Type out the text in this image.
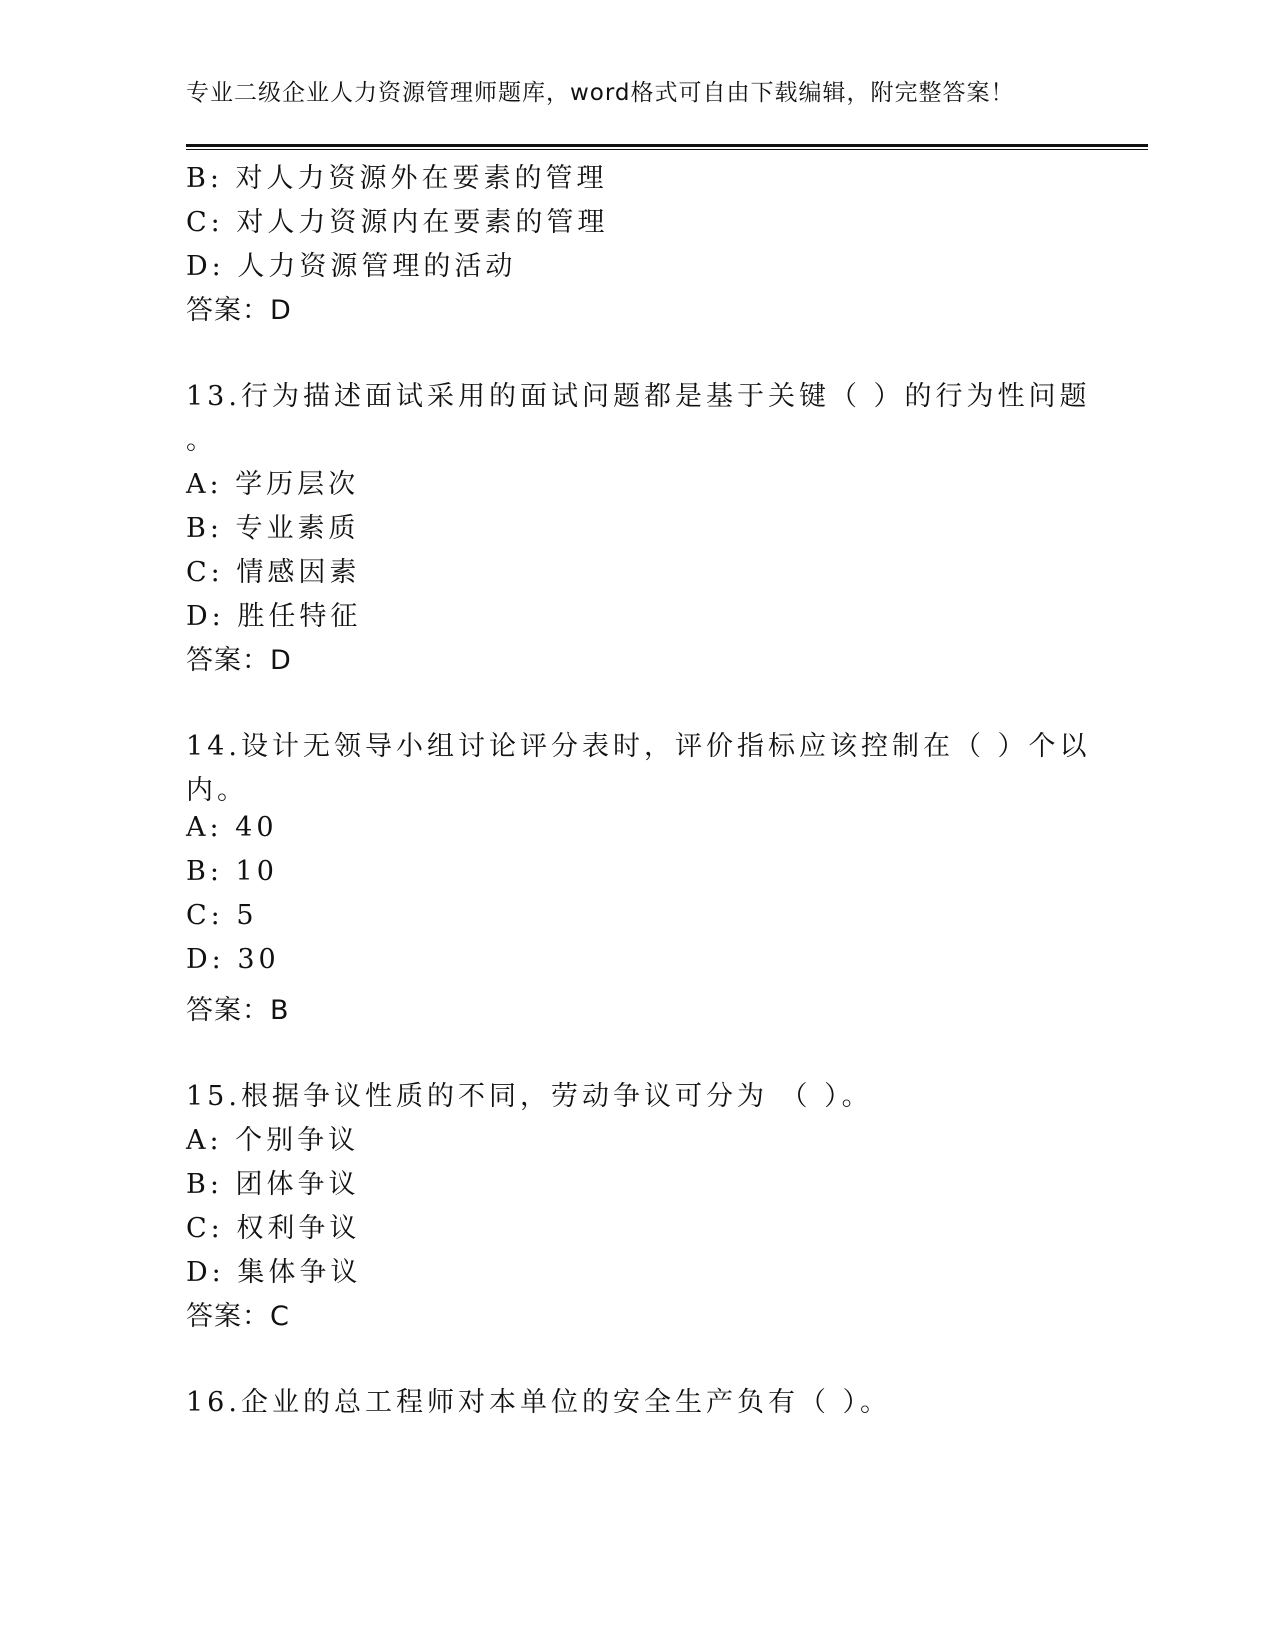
专业二级企业人力资源管理师题库，word格式可自由下载编辑，附完整答案！
B: 对人力资源外在要素的管理
C: 对人力资源内在要素的管理
D: 人力资源管理的活动
答案：D
13.行为描述面试采用的面试问题都是基于关键（ ）的行为性问题
。
A: 学历层次
B: 专业素质
C: 情感因素
D: 胜任特征
答案：D
14.设计无领导小组讨论评分表时，评价指标应该控制在（ ）个以
内。
A: 40
B: 10
C: 5
D: 30
答案：B
15.根据争议性质的不同，劳动争议可分为 （ ）。
A: 个别争议
B: 团体争议
C: 权利争议
D: 集体争议
答案：C
16.企业的总工程师对本单位的安全生产负有（ ）。
